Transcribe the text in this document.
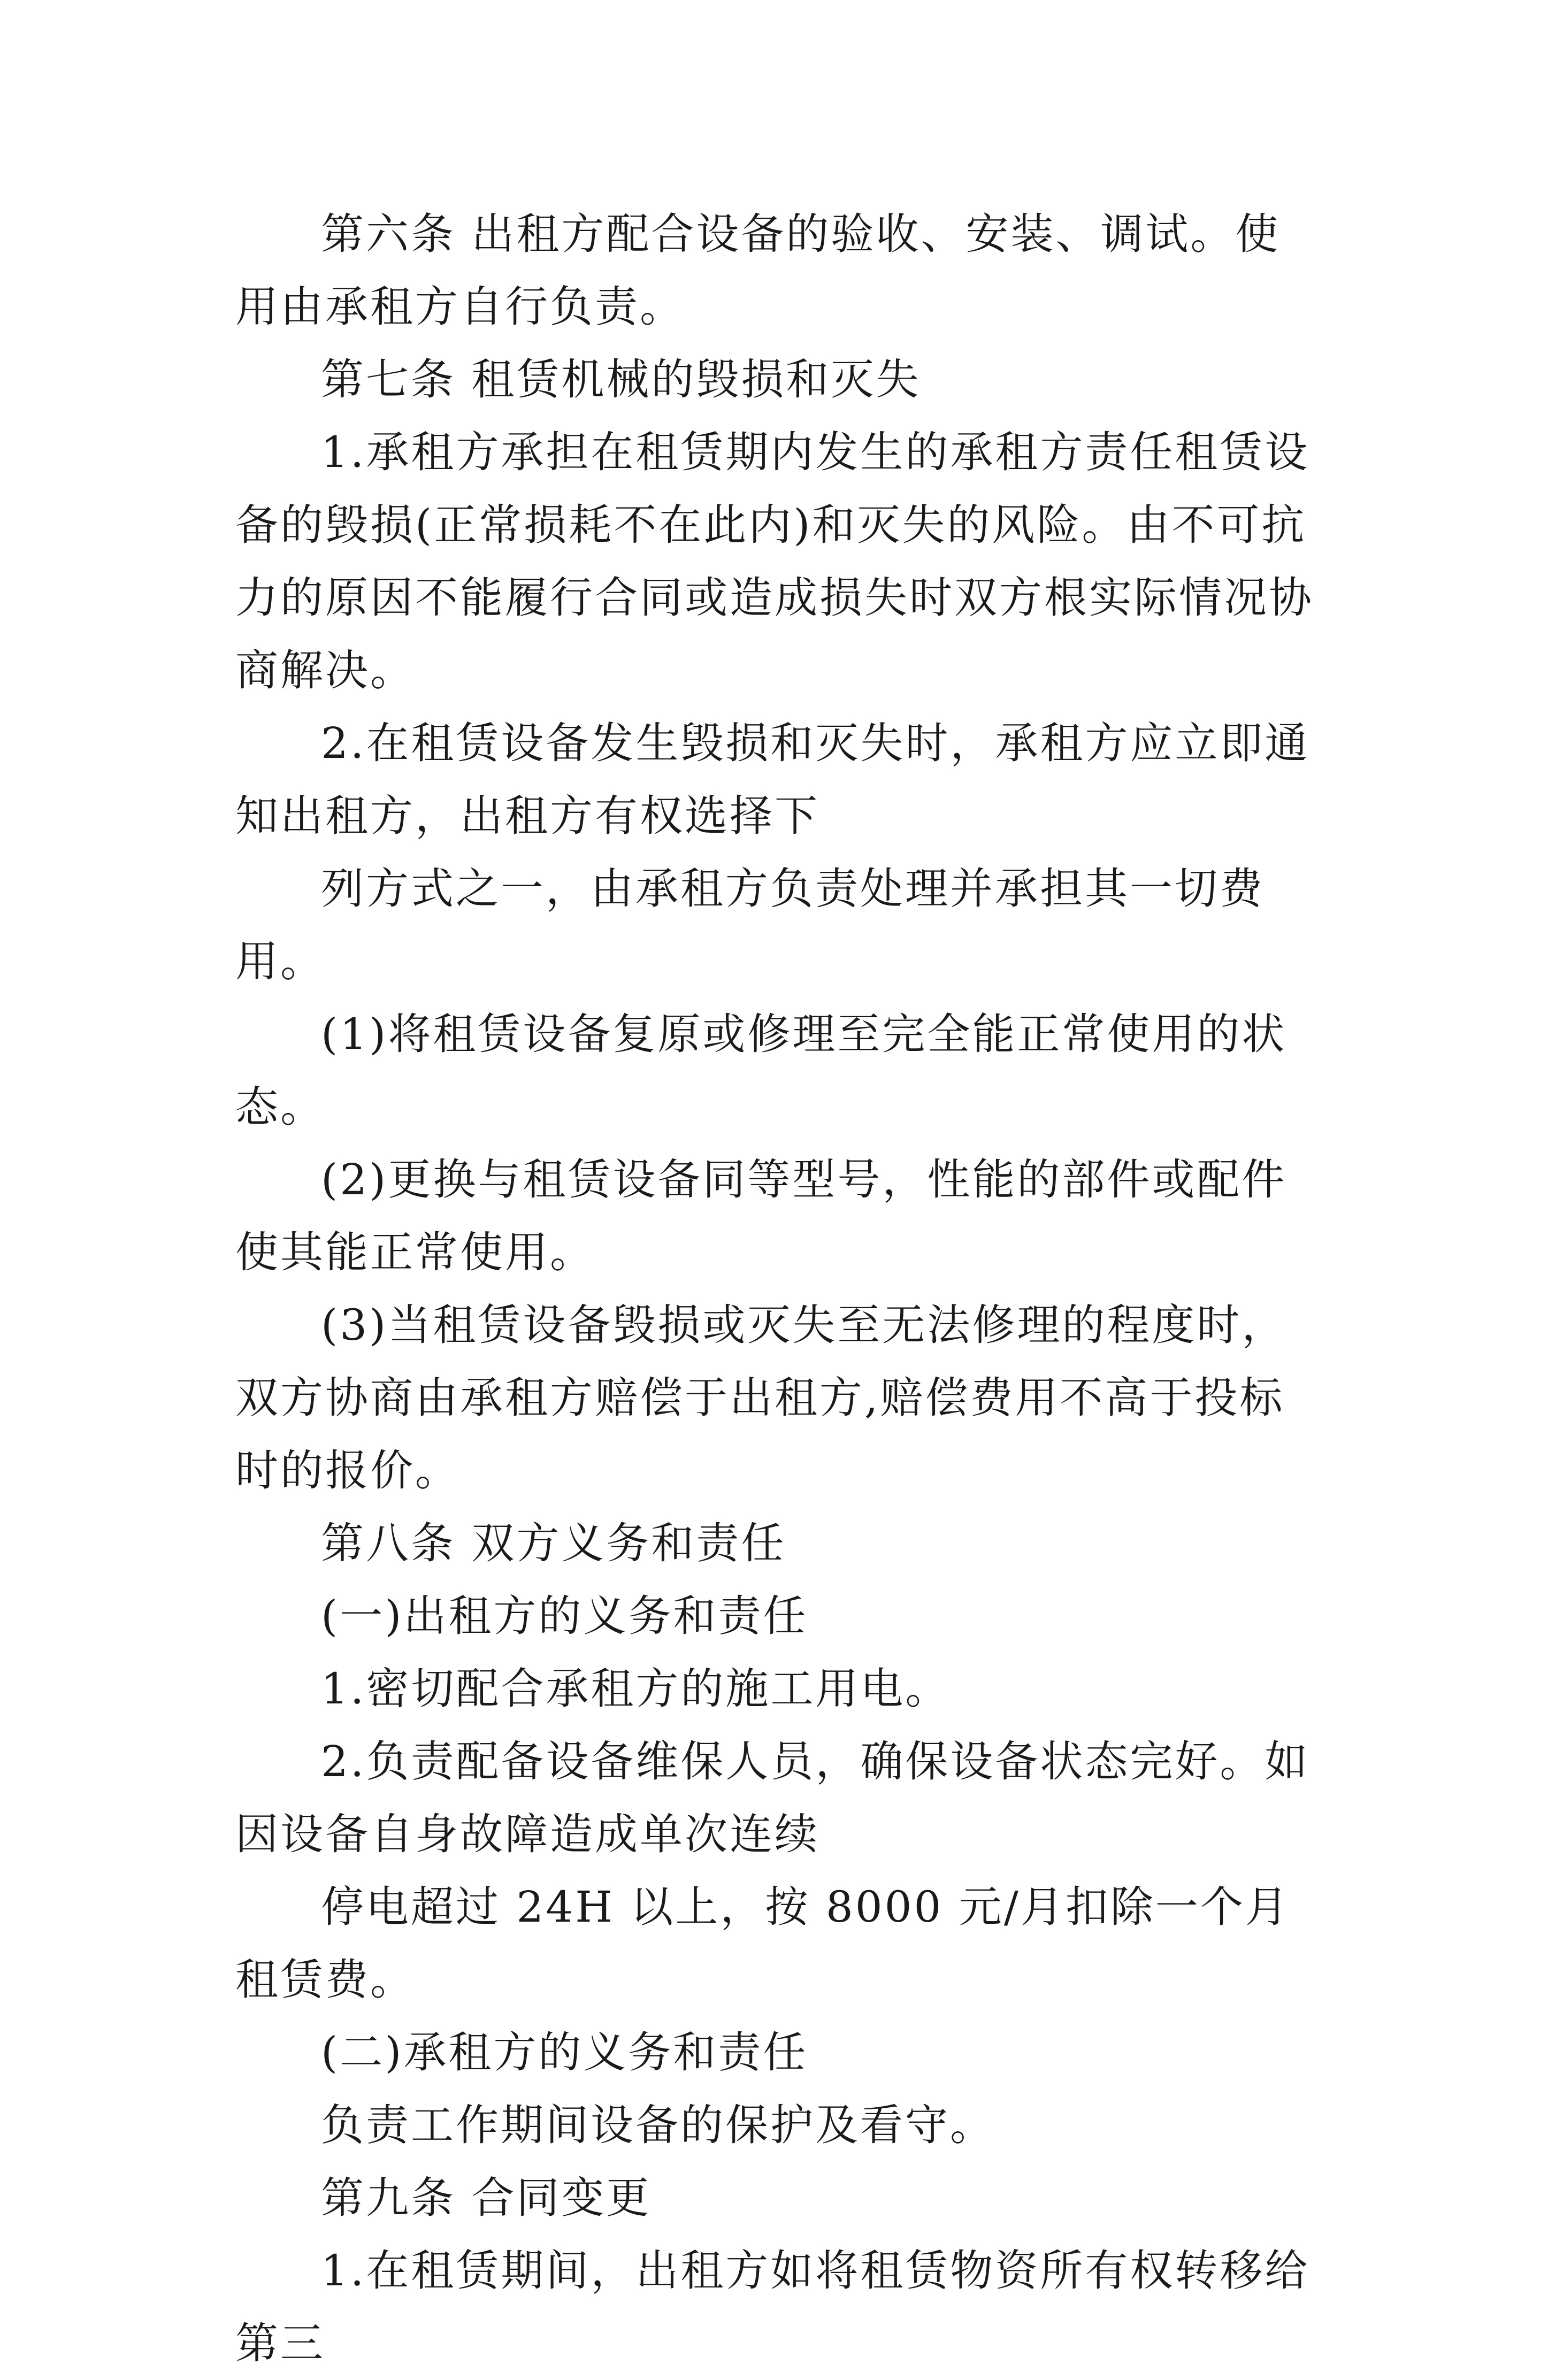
第六条 出租方配合设备的验收、安装、调试。使用由承租方自行负责。

第七条 租赁机械的毁损和灭失

1.承租方承担在租赁期内发生的承租方责任租赁设备的毁损(正常损耗不在此内)和灭失的风险。由不可抗力的原因不能履行合同或造成损失时双方根实际情况协商解决。

2.在租赁设备发生毁损和灭失时，承租方应立即通知出租方，出租方有权选择下

列方式之一，由承租方负责处理并承担其一切费用。

(1)将租赁设备复原或修理至完全能正常使用的状态。

(2)更换与租赁设备同等型号，性能的部件或配件使其能正常使用。

(3)当租赁设备毁损或灭失至无法修理的程度时，双方协商由承租方赔偿于出租方,赔偿费用不高于投标时的报价。

第八条 双方义务和责任

(一)出租方的义务和责任

1.密切配合承租方的施工用电。

2.负责配备设备维保人员，确保设备状态完好。如因设备自身故障造成单次连续

停电超过 24H 以上，按 8000 元/月扣除一个月租赁费。

(二)承租方的义务和责任

负责工作期间设备的保护及看守。

第九条 合同变更

1.在租赁期间，出租方如将租赁物资所有权转移给第三
